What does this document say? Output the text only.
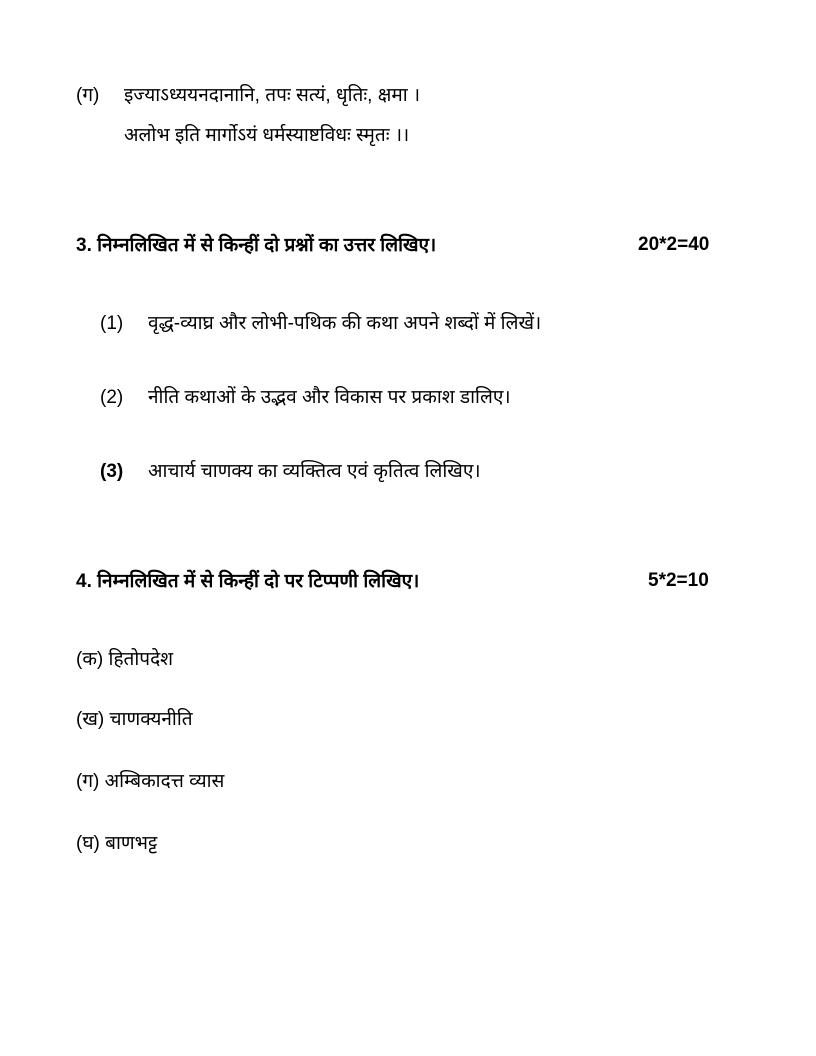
(ग) इज्याऽध्ययनदानानि, तपः सत्यं, धृतिः, क्षमा ।
अलोभ इति मार्गोऽयं धर्मस्याष्टविधः स्मृतः ।।
3. निम्नलिखित में से किन्हीं दो प्रश्नों का उत्तर लिखिए।	20*2=40
(1) वृद्ध-व्याघ्र और लोभी-पथिक की कथा अपने शब्दों में लिखें।
(2) नीति कथाओं के उद्भव और विकास पर प्रकाश डालिए।
(3) आचार्य चाणक्य का व्यक्तित्व एवं कृतित्व लिखिए।
4. निम्नलिखित में से किन्हीं दो पर टिप्पणी लिखिए।	5*2=10
(क) हितोपदेश
(ख) चाणक्यनीति
(ग) अम्बिकादत्त व्यास
(घ) बाणभट्ट
